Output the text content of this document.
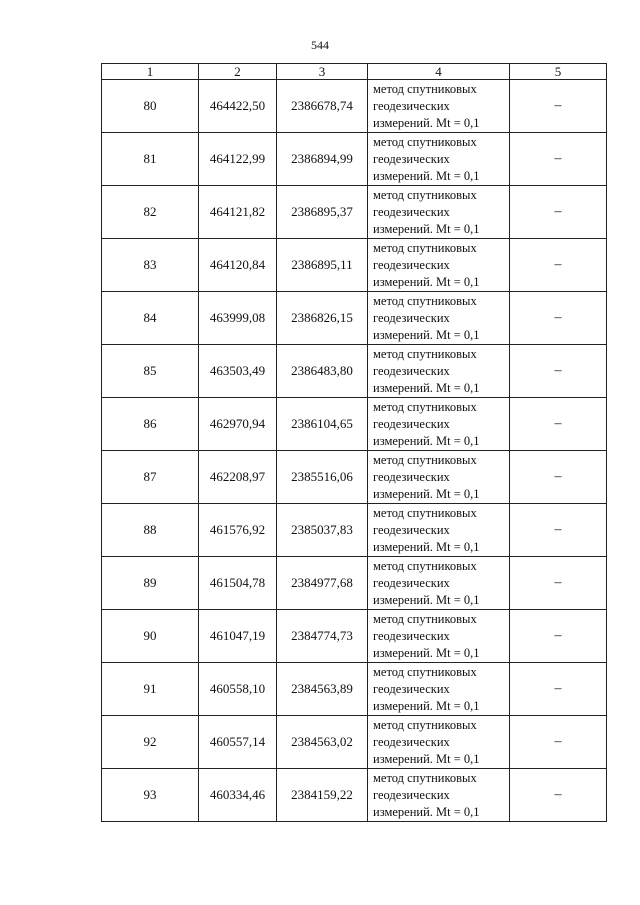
544
1	2	3	4	5
80	464422,50	2386678,74	метод спутниковых
геодезических
измерений. Mt = 0,1	–
81	464122,99	2386894,99	метод спутниковых
геодезических
измерений. Mt = 0,1	–
82	464121,82	2386895,37	метод спутниковых
геодезических
измерений. Mt = 0,1	–
83	464120,84	2386895,11	метод спутниковых
геодезических
измерений. Mt = 0,1	–
84	463999,08	2386826,15	метод спутниковых
геодезических
измерений. Mt = 0,1	–
85	463503,49	2386483,80	метод спутниковых
геодезических
измерений. Mt = 0,1	–
86	462970,94	2386104,65	метод спутниковых
геодезических
измерений. Mt = 0,1	–
87	462208,97	2385516,06	метод спутниковых
геодезических
измерений. Mt = 0,1	–
88	461576,92	2385037,83	метод спутниковых
геодезических
измерений. Mt = 0,1	–
89	461504,78	2384977,68	метод спутниковых
геодезических
измерений. Mt = 0,1	–
90	461047,19	2384774,73	метод спутниковых
геодезических
измерений. Mt = 0,1	–
91	460558,10	2384563,89	метод спутниковых
геодезических
измерений. Mt = 0,1	–
92	460557,14	2384563,02	метод спутниковых
геодезических
измерений. Mt = 0,1	–
93	460334,46	2384159,22	метод спутниковых
геодезических
измерений. Mt = 0,1	–
